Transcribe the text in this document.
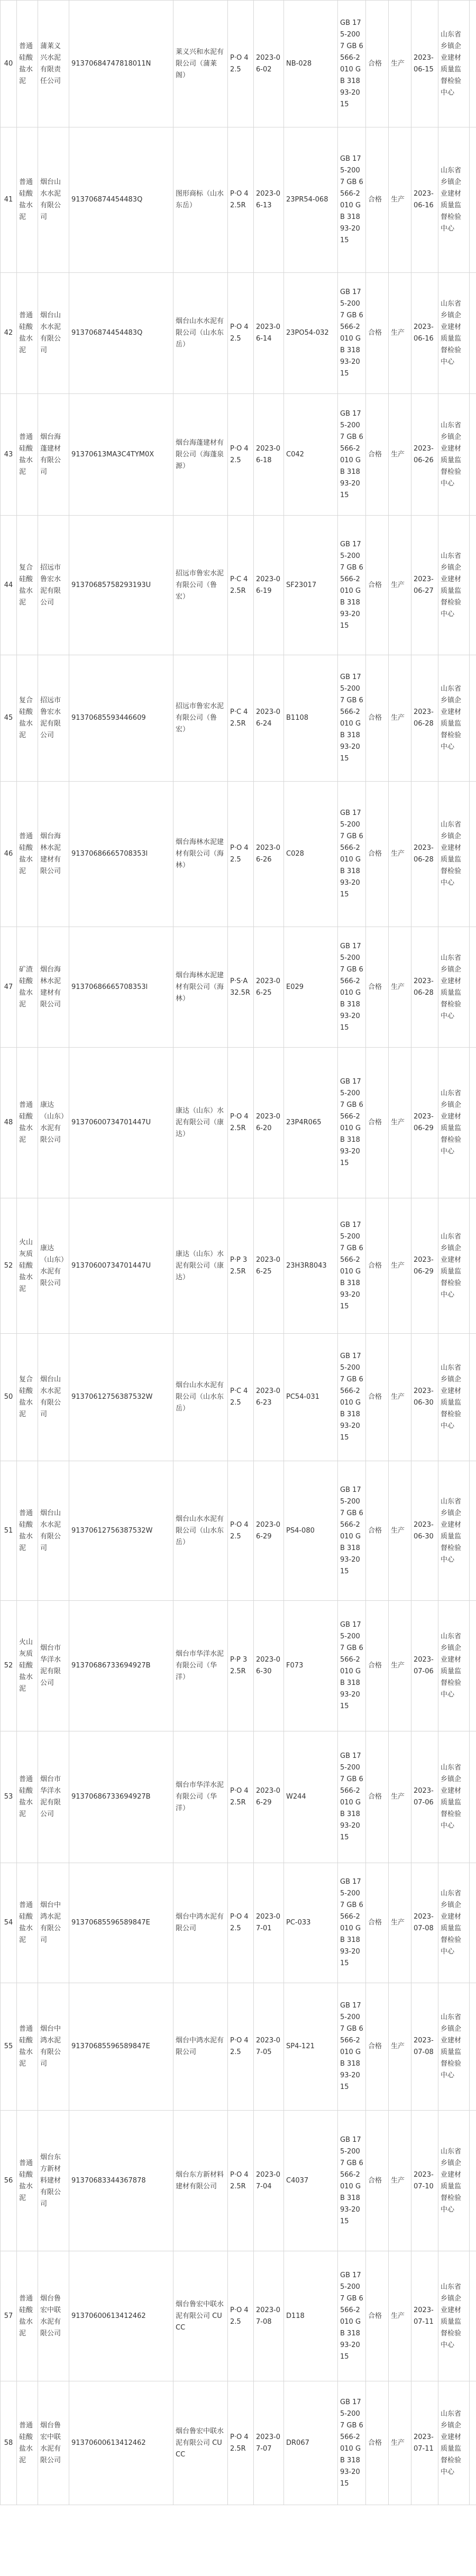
40	普通硅酸盐水泥	蒲莱义兴水泥有限责任公司	91370684747818011N	莱义兴和水泥有限公司（蒲莱阁）	P·O 42.5	2023-06-02	NB-028	GB 175-2007 GB 6566-2010 GB 31893-2015	合格	生产	2023-06-15	山东省乡镇企业建材质量监督检验中心	
41	普通硅酸盐水泥	烟台山水水泥有限公司	913706874454483Q	图形商标（山水东岳）	P·O 42.5R	2023-06-13	23PR54-068	GB 175-2007 GB 6566-2010 GB 31893-2015	合格	生产	2023-06-16	山东省乡镇企业建材质量监督检验中心	
42	普通硅酸盐水泥	烟台山水水泥有限公司	913706874454483Q	烟台山水水泥有限公司（山水东岳）	P·O 42.5	2023-06-14	23PO54-032	GB 175-2007 GB 6566-2010 GB 31893-2015	合格	生产	2023-06-16	山东省乡镇企业建材质量监督检验中心	
43	普通硅酸盐水泥	烟台海蓬建材有限公司	91370613MA3C4TYM0X	烟台海蓬建材有限公司（海蓬泉源）	P·O 42.5	2023-06-18	C042	GB 175-2007 GB 6566-2010 GB 31893-2015	合格	生产	2023-06-26	山东省乡镇企业建材质量监督检验中心	
44	复合硅酸盐水泥	招远市鲁宏水泥有限公司	91370685758293193U	招远市鲁宏水泥有限公司（鲁宏）	P·C 42.5R	2023-06-19	SF23017	GB 175-2007 GB 6566-2010 GB 31893-2015	合格	生产	2023-06-27	山东省乡镇企业建材质量监督检验中心	
45	复合硅酸盐水泥	招远市鲁宏水泥有限公司	91370685593446609	招远市鲁宏水泥有限公司（鲁宏）	P·C 42.5R	2023-06-24	B1108	GB 175-2007 GB 6566-2010 GB 31893-2015	合格	生产	2023-06-28	山东省乡镇企业建材质量监督检验中心	
46	普通硅酸盐水泥	烟台海林水泥建材有限公司	91370686665708353l	烟台海林水泥建材有限公司（海林）	P·O 42.5	2023-06-26	C028	GB 175-2007 GB 6566-2010 GB 31893-2015	合格	生产	2023-06-28	山东省乡镇企业建材质量监督检验中心	
47	矿渣硅酸盐水泥	烟台海林水泥建材有限公司	91370686665708353l	烟台海林水泥建材有限公司（海林）	P·S·A 32.5R	2023-06-25	E029	GB 175-2007 GB 6566-2010 GB 31893-2015	合格	生产	2023-06-28	山东省乡镇企业建材质量监督检验中心	
48	普通硅酸盐水泥	康达（山东）水泥有限公司	91370600734701447U	康达（山东）水泥有限公司（康达）	P·O 42.5R	2023-06-20	23P4R065	GB 175-2007 GB 6566-2010 GB 31893-2015	合格	生产	2023-06-29	山东省乡镇企业建材质量监督检验中心	
52	火山灰质硅酸盐水泥	康达（山东）水泥有限公司	91370600734701447U	康达（山东）水泥有限公司（康达）	P·P 32.5R	2023-06-25	23H3R8043	GB 175-2007 GB 6566-2010 GB 31893-2015	合格	生产	2023-06-29	山东省乡镇企业建材质量监督检验中心	
50	复合硅酸盐水泥	烟台山水水泥有限公司	91370612756387532W	烟台山水水泥有限公司（山水东岳）	P·C 42.5	2023-06-23	PC54-031	GB 175-2007 GB 6566-2010 GB 31893-2015	合格	生产	2023-06-30	山东省乡镇企业建材质量监督检验中心	
51	普通硅酸盐水泥	烟台山水水泥有限公司	91370612756387532W	烟台山水水泥有限公司（山水东岳）	P·O 42.5	2023-06-29	PS4-080	GB 175-2007 GB 6566-2010 GB 31893-2015	合格	生产	2023-06-30	山东省乡镇企业建材质量监督检验中心	
52	火山灰质硅酸盐水泥	烟台市华洋水泥有限公司	91370686733694927B	烟台市华洋水泥有限公司（华洋）	P·P 32.5R	2023-06-30	F073	GB 175-2007 GB 6566-2010 GB 31893-2015	合格	生产	2023-07-06	山东省乡镇企业建材质量监督检验中心	
53	普通硅酸盐水泥	烟台市华洋水泥有限公司	91370686733694927B	烟台市华洋水泥有限公司（华洋）	P·O 42.5R	2023-06-29	W244	GB 175-2007 GB 6566-2010 GB 31893-2015	合格	生产	2023-07-06	山东省乡镇企业建材质量监督检验中心	
54	普通硅酸盐水泥	烟台中鸿水泥有限公司	91370685596589847E	烟台中鸿水泥有限公司	P·O 42.5	2023-07-01	PC-033	GB 175-2007 GB 6566-2010 GB 31893-2015	合格	生产	2023-07-08	山东省乡镇企业建材质量监督检验中心	
55	普通硅酸盐水泥	烟台中鸿水泥有限公司	91370685596589847E	烟台中鸿水泥有限公司	P·O 42.5	2023-07-05	SP4-121	GB 175-2007 GB 6566-2010 GB 31893-2015	合格	生产	2023-07-08	山东省乡镇企业建材质量监督检验中心	
56	普通硅酸盐水泥	烟台东方新材料建材有限公司	91370683344367878	烟台东方新材料建材有限公司	P·O 42.5R	2023-07-04	C4037	GB 175-2007 GB 6566-2010 GB 31893-2015	合格	生产	2023-07-10	山东省乡镇企业建材质量监督检验中心	
57	普通硅酸盐水泥	烟台鲁宏中联水泥有限公司	91370600613412462	烟台鲁宏中联水泥有限公司 CUCC	P·O 42.5	2023-07-08	D118	GB 175-2007 GB 6566-2010 GB 31893-2015	合格	生产	2023-07-11	山东省乡镇企业建材质量监督检验中心	
58	普通硅酸盐水泥	烟台鲁宏中联水泥有限公司	91370600613412462	烟台鲁宏中联水泥有限公司 CUCC	P·O 42.5R	2023-07-07	DR067	GB 175-2007 GB 6566-2010 GB 31893-2015	合格	生产	2023-07-11	山东省乡镇企业建材质量监督检验中心	
